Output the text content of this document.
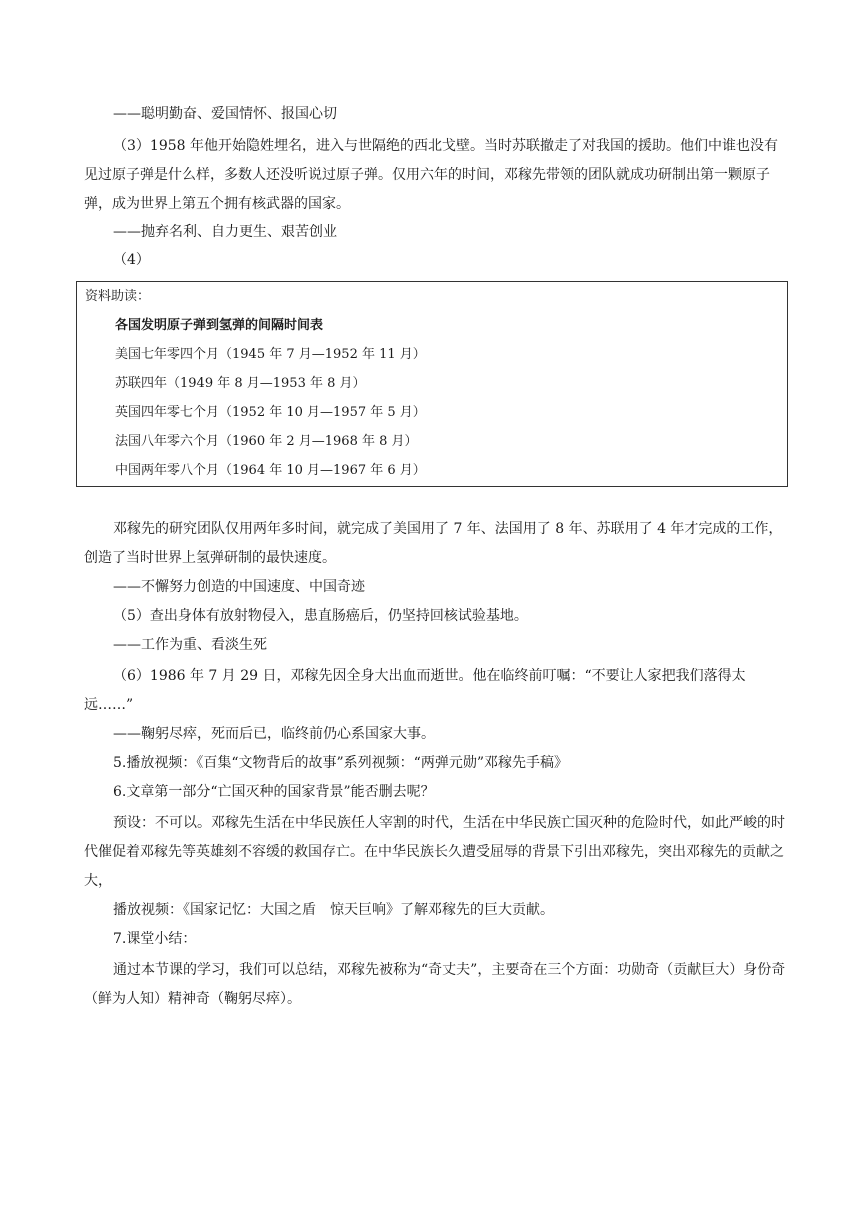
——聪明勤奋、爱国情怀、报国心切
（3）1958 年他开始隐姓埋名，进入与世隔绝的西北戈壁。当时苏联撤走了对我国的援助。他们中谁也没有见过原子弹是什么样，多数人还没听说过原子弹。仅用六年的时间，邓稼先带领的团队就成功研制出第一颗原子弹，成为世界上第五个拥有核武器的国家。
——抛弃名利、自力更生、艰苦创业
（4）
资料助读：
各国发明原子弹到氢弹的间隔时间表
美国七年零四个月（1945 年 7 月—1952 年 11 月）
苏联四年（1949 年 8 月—1953 年 8 月）
英国四年零七个月（1952 年 10 月—1957 年 5 月）
法国八年零六个月（1960 年 2 月—1968 年 8 月）
中国两年零八个月（1964 年 10 月—1967 年 6 月）
邓稼先的研究团队仅用两年多时间，就完成了美国用了 7 年、法国用了 8 年、苏联用了 4 年才完成的工作，创造了当时世界上氢弹研制的最快速度。
——不懈努力创造的中国速度、中国奇迹
（5）查出身体有放射物侵入，患直肠癌后，仍坚持回核试验基地。
——工作为重、看淡生死
（6）1986 年 7 月 29 日，邓稼先因全身大出血而逝世。他在临终前叮嘱：“不要让人家把我们落得太远……”
——鞠躬尽瘁，死而后已，临终前仍心系国家大事。
5.播放视频：《百集“文物背后的故事”系列视频：“两弹元勋”邓稼先手稿》
6.文章第一部分“亡国灭种的国家背景”能否删去呢？
预设：不可以。邓稼先生活在中华民族任人宰割的时代，生活在中华民族亡国灭种的危险时代，如此严峻的时代催促着邓稼先等英雄刻不容缓的救国存亡。在中华民族长久遭受屈辱的背景下引出邓稼先，突出邓稼先的贡献之大，
播放视频：《国家记忆：大国之盾　惊天巨响》了解邓稼先的巨大贡献。
7.课堂小结：
通过本节课的学习，我们可以总结，邓稼先被称为“奇丈夫”，主要奇在三个方面：功勋奇（贡献巨大）身份奇（鲜为人知）精神奇（鞠躬尽瘁）。
